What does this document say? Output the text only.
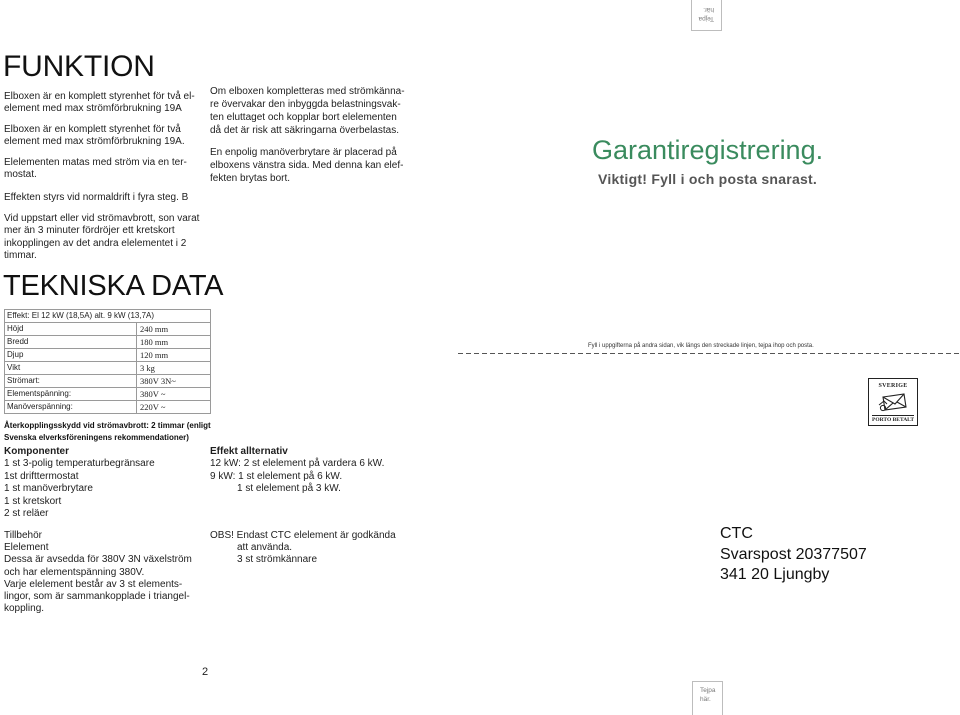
Tejpa
här.
FUNKTION
Elboxen är en komplett styrenhet för två el-
element med max strömförbrukning 19A
Elboxen är en komplett styrenhet för två
element med max strömförbrukning 19A.
Elelementen matas med ström via en ter-
mostat.
Effekten styrs vid normaldrift i fyra steg. B
Vid uppstart eller vid strömavbrott, son varat
mer än 3 minuter fördröjer ett kretskort
inkopplingen av det andra elelementet i 2
timmar.
Om elboxen kompletteras med strömkänna-
re övervakar den inbyggda belastningsvak-
ten eluttaget och kopplar bort elelementen
då det är risk att säkringarna överbelastas.
En enpolig manöverbrytare är placerad på
elboxens vänstra sida. Med denna kan elef-
fekten brytas bort.
TEKNISKA DATA
Effekt: El 12 kW (18,5A) alt. 9 kW (13,7A)
Höjd	240 mm
Bredd	180 mm
Djup	120 mm
Vikt	3 kg
Strömart:	380V 3N~
Elementspänning:	380V ~
Manöverspänning:	220V ~
Återkopplingsskydd vid strömavbrott: 2 timmar (enligt
Svenska elverksföreningens rekommendationer)
Komponenter
1 st 3-polig temperaturbegränsare
1st drifttermostat
1 st manöverbrytare
1 st kretskort
2 st reläer
Effekt allternativ
12 kW: 2 st elelement på vardera 6 kW.
9 kW: 1 st elelement på 6 kW.
1 st elelement på 3 kW.
Tillbehör
Elelement
Dessa är avsedda för 380V 3N växelström
och har elementspänning 380V.
Varje elelement består av 3 st elements-
lingor, som är sammankopplade i triangel-
koppling.
OBS! Endast CTC elelement är godkända
att använda.
3 st strömkännare
2
Garantiregistrering.
Viktigt! Fyll i och posta snarast.
Fyll i uppgifterna på andra sidan, vik längs den streckade linjen, tejpa ihop och posta.
SVERIGE
PORTO BETALT
CTC
Svarspost 20377507
341 20 Ljungby
Tejpa
här.
